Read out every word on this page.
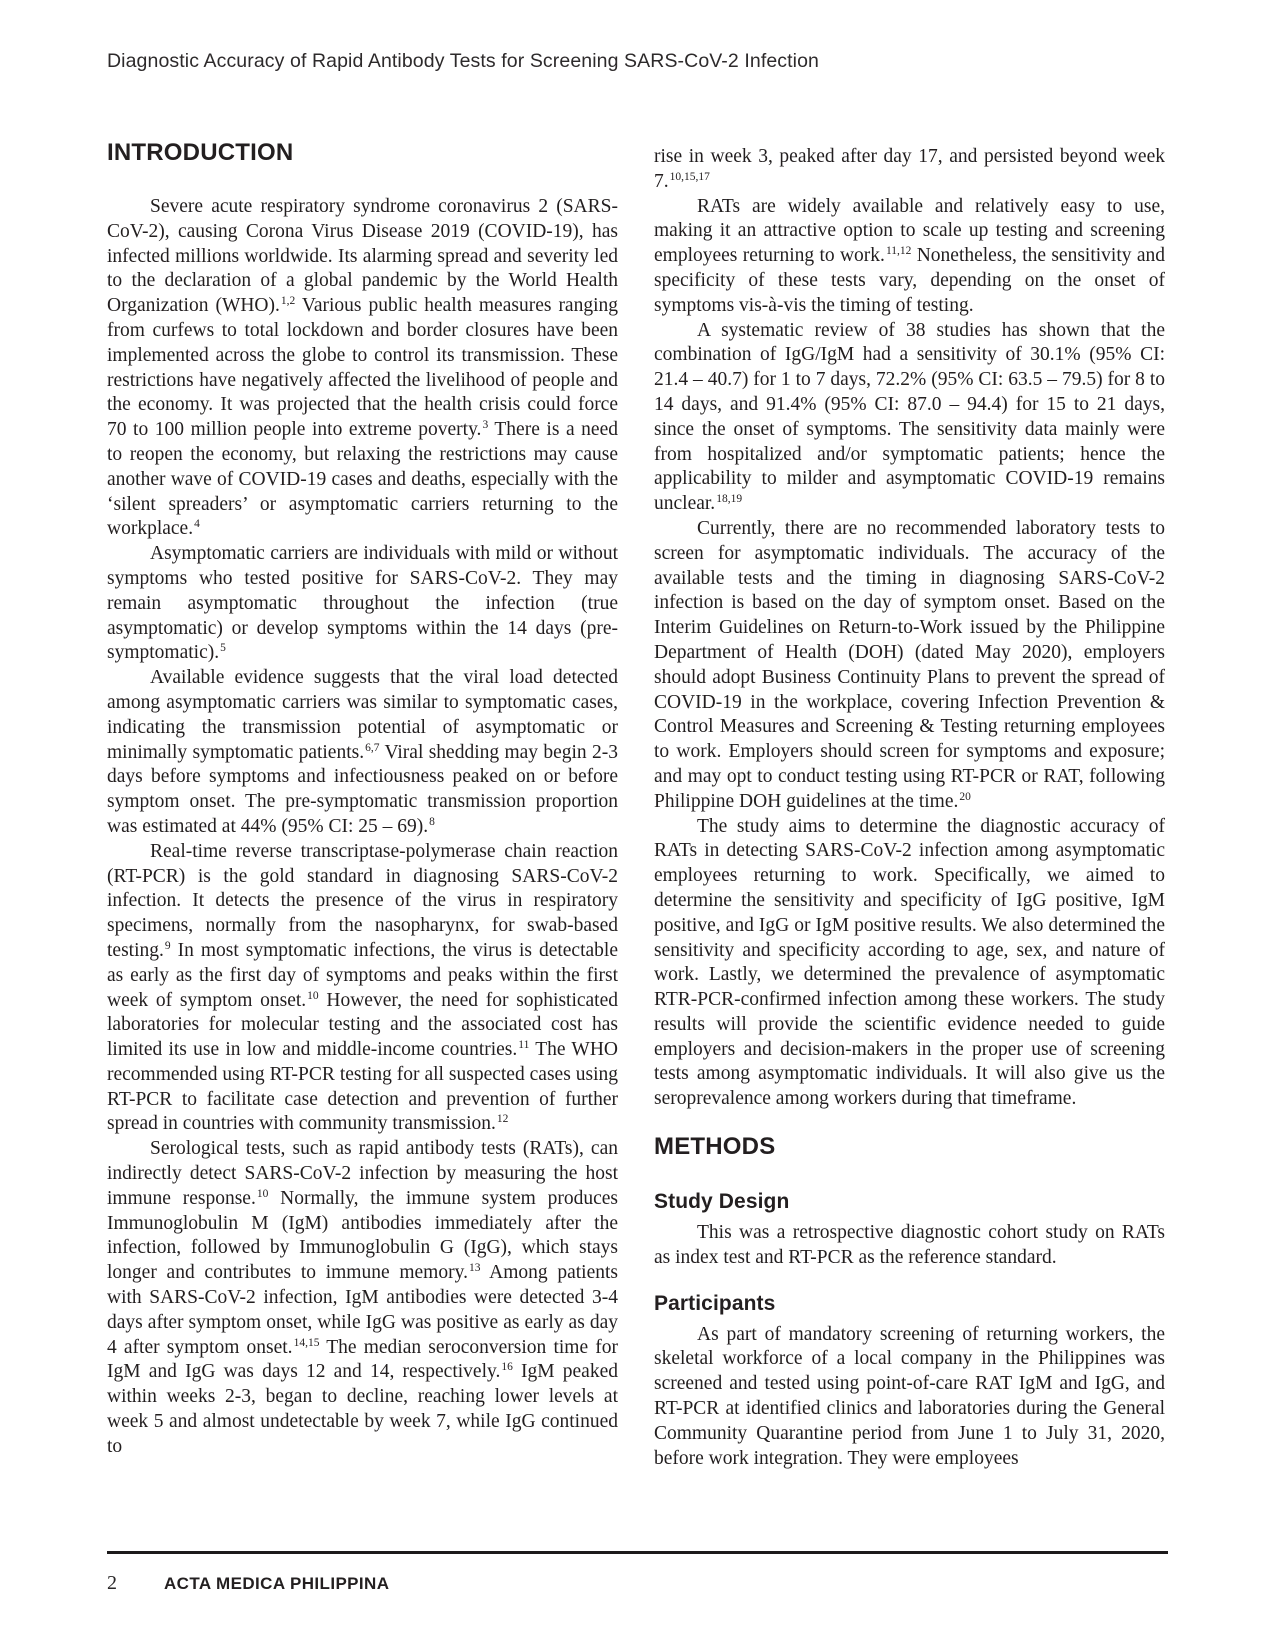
Diagnostic Accuracy of Rapid Antibody Tests for Screening SARS-CoV-2 Infection
INTRODUCTION

Severe acute respiratory syndrome coronavirus 2 (SARS-CoV-2), causing Corona Virus Disease 2019 (COVID-19), has infected millions worldwide. Its alarming spread and severity led to the declaration of a global pandemic by the World Health Organization (WHO).1,2 Various public health measures ranging from curfews to total lockdown and border closures have been implemented across the globe to control its transmission. These restrictions have negatively affected the livelihood of people and the economy. It was projected that the health crisis could force 70 to 100 million people into extreme poverty.3 There is a need to reopen the economy, but relaxing the restrictions may cause another wave of COVID-19 cases and deaths, especially with the ‘silent spreaders’ or asymptomatic carriers returning to the workplace.4

Asymptomatic carriers are individuals with mild or without symptoms who tested positive for SARS-CoV-2. They may remain asymptomatic throughout the infection (true asymptomatic) or develop symptoms within the 14 days (pre-symptomatic).5

Available evidence suggests that the viral load detected among asymptomatic carriers was similar to symptomatic cases, indicating the transmission potential of asymptomatic or minimally symptomatic patients.6,7 Viral shedding may begin 2-3 days before symptoms and infectiousness peaked on or before symptom onset. The pre-symptomatic transmission proportion was estimated at 44% (95% CI: 25 – 69).8

Real-time reverse transcriptase-polymerase chain reaction (RT-PCR) is the gold standard in diagnosing SARS-CoV-2 infection. It detects the presence of the virus in respiratory specimens, normally from the nasopharynx, for swab-based testing.9 In most symptomatic infections, the virus is detectable as early as the first day of symptoms and peaks within the first week of symptom onset.10 However, the need for sophisticated laboratories for molecular testing and the associated cost has limited its use in low and middle-income countries.11 The WHO recommended using RT-PCR testing for all suspected cases using RT-PCR to facilitate case detection and prevention of further spread in countries with community transmission.12

Serological tests, such as rapid antibody tests (RATs), can indirectly detect SARS-CoV-2 infection by measuring the host immune response.10 Normally, the immune system produces Immunoglobulin M (IgM) antibodies immediately after the infection, followed by Immunoglobulin G (IgG), which stays longer and contributes to immune memory.13 Among patients with SARS-CoV-2 infection, IgM antibodies were detected 3-4 days after symptom onset, while IgG was positive as early as day 4 after symptom onset.14,15 The median seroconversion time for IgM and IgG was days 12 and 14, respectively.16 IgM peaked within weeks 2-3, began to decline, reaching lower levels at week 5 and almost undetectable by week 7, while IgG continued to

rise in week 3, peaked after day 17, and persisted beyond week 7.10,15,17

RATs are widely available and relatively easy to use, making it an attractive option to scale up testing and screening employees returning to work.11,12 Nonetheless, the sensitivity and specificity of these tests vary, depending on the onset of symptoms vis-à-vis the timing of testing.

A systematic review of 38 studies has shown that the combination of IgG/IgM had a sensitivity of 30.1% (95% CI: 21.4 – 40.7) for 1 to 7 days, 72.2% (95% CI: 63.5 – 79.5) for 8 to 14 days, and 91.4% (95% CI: 87.0 – 94.4) for 15 to 21 days, since the onset of symptoms. The sensitivity data mainly were from hospitalized and/or symptomatic patients; hence the applicability to milder and asymptomatic COVID-19 remains unclear.18,19

Currently, there are no recommended laboratory tests to screen for asymptomatic individuals. The accuracy of the available tests and the timing in diagnosing SARS-CoV-2 infection is based on the day of symptom onset. Based on the Interim Guidelines on Return-to-Work issued by the Philippine Department of Health (DOH) (dated May 2020), employers should adopt Business Continuity Plans to prevent the spread of COVID-19 in the workplace, covering Infection Prevention & Control Measures and Screening & Testing returning employees to work. Employers should screen for symptoms and exposure; and may opt to conduct testing using RT-PCR or RAT, following Philippine DOH guidelines at the time.20

The study aims to determine the diagnostic accuracy of RATs in detecting SARS-CoV-2 infection among asymptomatic employees returning to work. Specifically, we aimed to determine the sensitivity and specificity of IgG positive, IgM positive, and IgG or IgM positive results. We also determined the sensitivity and specificity according to age, sex, and nature of work. Lastly, we determined the prevalence of asymptomatic RTR-PCR-confirmed infection among these workers. The study results will provide the scientific evidence needed to guide employers and decision-makers in the proper use of screening tests among asymptomatic individuals. It will also give us the seroprevalence among workers during that timeframe.

METHODS
Study Design

This was a retrospective diagnostic cohort study on RATs as index test and RT-PCR as the reference standard.

Participants

As part of mandatory screening of returning workers, the skeletal workforce of a local company in the Philippines was screened and tested using point-of-care RAT IgM and IgG, and RT-PCR at identified clinics and laboratories during the General Community Quarantine period from June 1 to July 31, 2020, before work integration. They were employees

2	ACTA MEDICA PHILIPPINA
